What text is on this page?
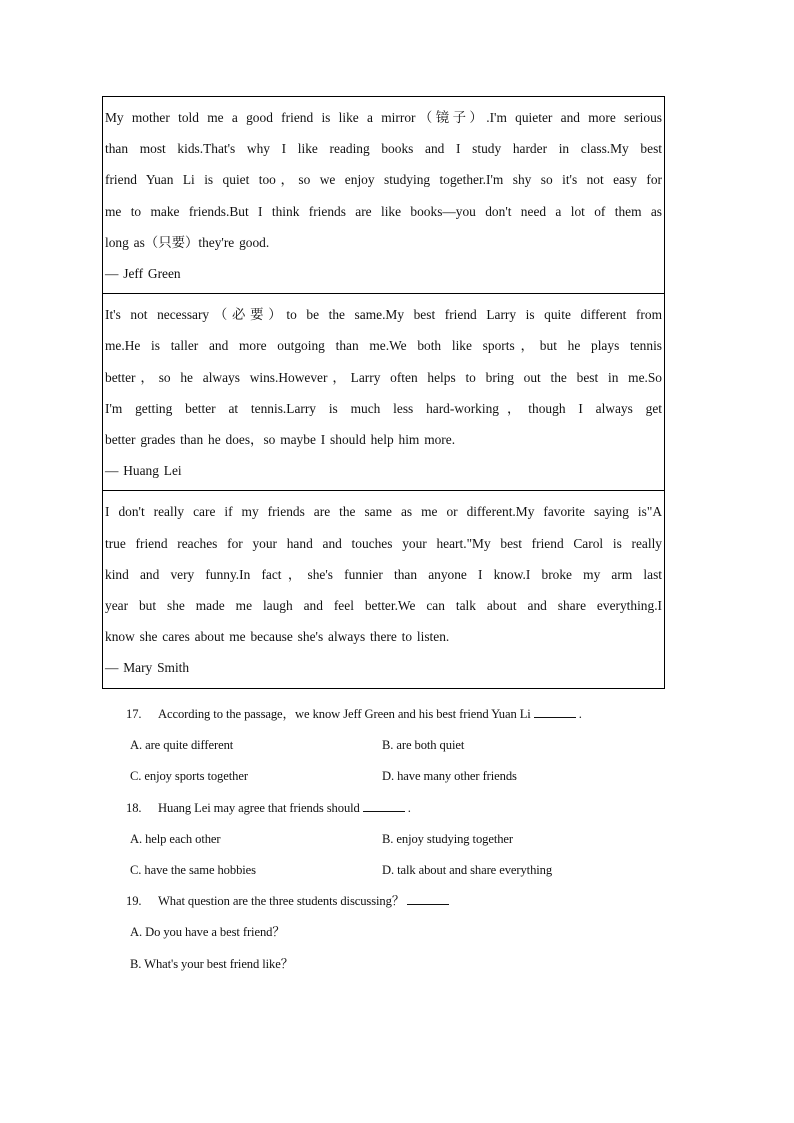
My mother told me a good friend is like a mirror（镜子）.I'm quieter and more serious

than most kids.That's why I like reading books and I study harder in class.My best

friend Yuan Li is quiet too，so we enjoy studying together.I'm shy so it's not easy for

me to make friends.But I think friends are like books—you don't need a lot of them as

long as（只要）they're good.

— Jeff Green

It's not necessary（必要）to be the same.My best friend Larry is quite different from

me.He is taller and more outgoing than me.We both like sports，but he plays tennis

better，so he always wins.However，Larry often helps to bring out the best in me.So

I'm getting better at tennis.Larry is much less hard-working，though I always get

better grades than he does，so maybe I should help him more.

— Huang Lei

I don't really care if my friends are the same as me or different.My favorite saying is"A

true friend reaches for your hand and touches your heart."My best friend Carol is really

kind and very funny.In fact，she's funnier than anyone I know.I broke my arm last

year but she made me laugh and feel better.We can talk about and share everything.I

know she cares about me because she's always there to listen.

— Mary Smith

17. According to the passage，we know Jeff Green and his best friend Yuan Li	.

A. are quite different	B. are both quiet
C. enjoy sports together	D. have many other friends

18. Huang Lei may agree that friends should	.

A. help each other	B. enjoy studying together
C. have the same hobbies	D. talk about and share everything

19. What question are the three students discussing？

A. Do you have a best friend？

B. What's your best friend like？
